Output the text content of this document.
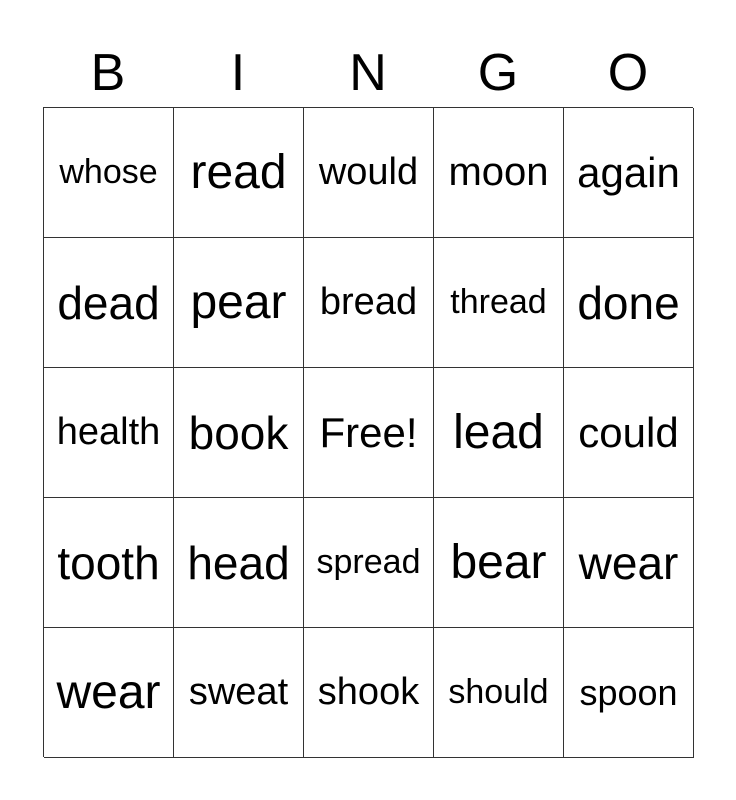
B	I	N	G	O
whose read would moon again
dead pear bread thread done
health book Free! lead could
tooth head spread bear wear
wear sweat shook should spoon
